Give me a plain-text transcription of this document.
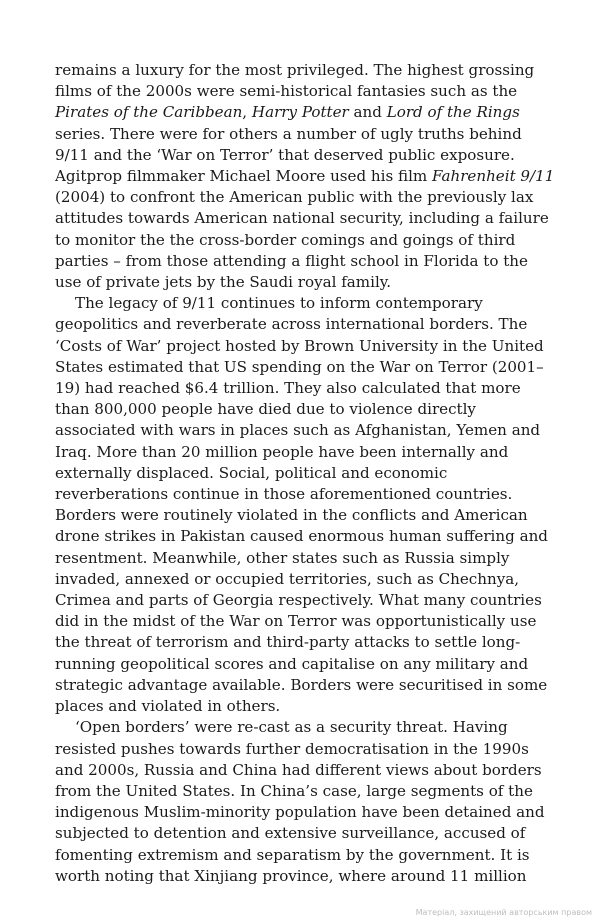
remains a luxury for the most privileged. The highest grossing films of the 2000s were semi-historical fantasies such as the Pirates of the Caribbean, Harry Potter and Lord of the Rings series. There were for others a number of ugly truths behind 9/11 and the ‘War on Terror’ that deserved public exposure. Agitprop filmmaker Michael Moore used his film Fahrenheit 9/11 (2004) to confront the American public with the previously lax attitudes towards American national security, including a failure to monitor the the cross-border comings and goings of third parties – from those attending a flight school in Florida to the use of private jets by the Saudi royal family.

The legacy of 9/11 continues to inform contemporary geopolitics and reverberate across international borders. The ‘Costs of War’ project hosted by Brown University in the United States estimated that US spending on the War on Terror (2001–19) had reached $6.4 trillion. They also calculated that more than 800,000 people have died due to violence directly associated with wars in places such as Afghanistan, Yemen and Iraq. More than 20 million people have been internally and externally displaced. Social, political and economic reverberations continue in those aforementioned countries. Borders were routinely violated in the conflicts and American drone strikes in Pakistan caused enormous human suffering and resentment. Meanwhile, other states such as Russia simply invaded, annexed or occupied territories, such as Chechnya, Crimea and parts of Georgia respectively. What many countries did in the midst of the War on Terror was opportunistically use the threat of terrorism and third-party attacks to settle long-running geopolitical scores and capitalise on any military and strategic advantage available. Borders were securitised in some places and violated in others.

‘Open borders’ were re-cast as a security threat. Having resisted pushes towards further democratisation in the 1990s and 2000s, Russia and China had different views about borders from the United States. In China’s case, large segments of the indigenous Muslim-minority population have been detained and subjected to detention and extensive surveillance, accused of fomenting extremism and separatism by the government. It is worth noting that Xinjiang province, where around 11 million

Матеріал, захищений авторським правом
